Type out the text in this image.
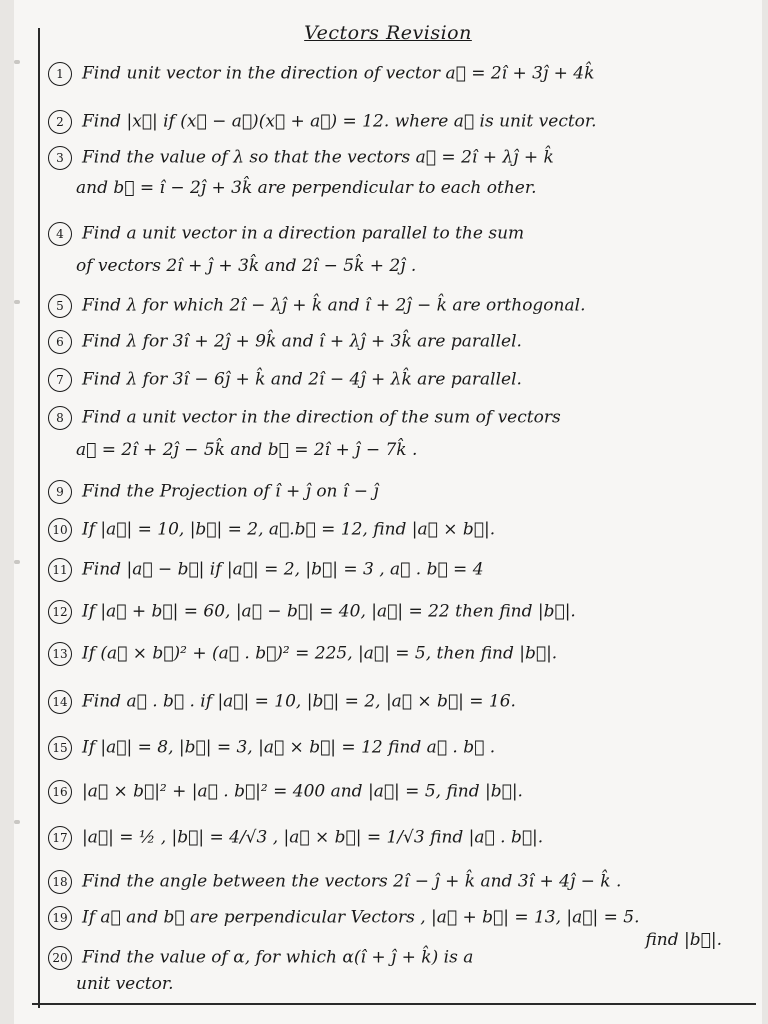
Vectors Revision
1 Find unit vector in the direction of vector a⃗ = 2î + 3ĵ + 4k̂
2 Find |x⃗| if (x⃗ − a⃗)(x⃗ + a⃗) = 12. where a⃗ is unit vector.
3 Find the value of λ so that the vectors a⃗ = 2î + λĵ + k̂
and b⃗ = î − 2ĵ + 3k̂ are perpendicular to each other.
4 Find a unit vector in a direction parallel to the sum
of vectors 2î + ĵ + 3k̂ and 2î − 5k̂ + 2ĵ .
5 Find λ for which 2î − λĵ + k̂ and î + 2ĵ − k̂ are orthogonal.
6 Find λ for 3î + 2ĵ + 9k̂ and î + λĵ + 3k̂ are parallel.
7 Find λ for 3î − 6ĵ + k̂ and 2î − 4ĵ + λk̂ are parallel.
8 Find a unit vector in the direction of the sum of vectors
a⃗ = 2î + 2ĵ − 5k̂ and b⃗ = 2î + ĵ − 7k̂ .
9 Find the Projection of î + ĵ on î − ĵ
10 If |a⃗| = 10, |b⃗| = 2, a⃗.b⃗ = 12, find |a⃗ × b⃗|.
11 Find |a⃗ − b⃗| if |a⃗| = 2, |b⃗| = 3 , a⃗ . b⃗ = 4
12 If |a⃗ + b⃗| = 60, |a⃗ − b⃗| = 40, |a⃗| = 22 then find |b⃗|.
13 If (a⃗ × b⃗)² + (a⃗ . b⃗)² = 225, |a⃗| = 5, then find |b⃗|.
14 Find a⃗ . b⃗ . if |a⃗| = 10, |b⃗| = 2, |a⃗ × b⃗| = 16.
15 If |a⃗| = 8, |b⃗| = 3, |a⃗ × b⃗| = 12 find a⃗ . b⃗ .
16 |a⃗ × b⃗|² + |a⃗ . b⃗|² = 400 and |a⃗| = 5, find |b⃗|.
17 |a⃗| = ½ , |b⃗| = 4/√3 , |a⃗ × b⃗| = 1/√3 find |a⃗ . b⃗|.
18 Find the angle between the vectors 2î − ĵ + k̂ and 3î + 4ĵ − k̂ .
19 If a⃗ and b⃗ are perpendicular Vectors , |a⃗ + b⃗| = 13, |a⃗| = 5.
find |b⃗|.
20 Find the value of α, for which α(î + ĵ + k̂) is a
unit vector.
